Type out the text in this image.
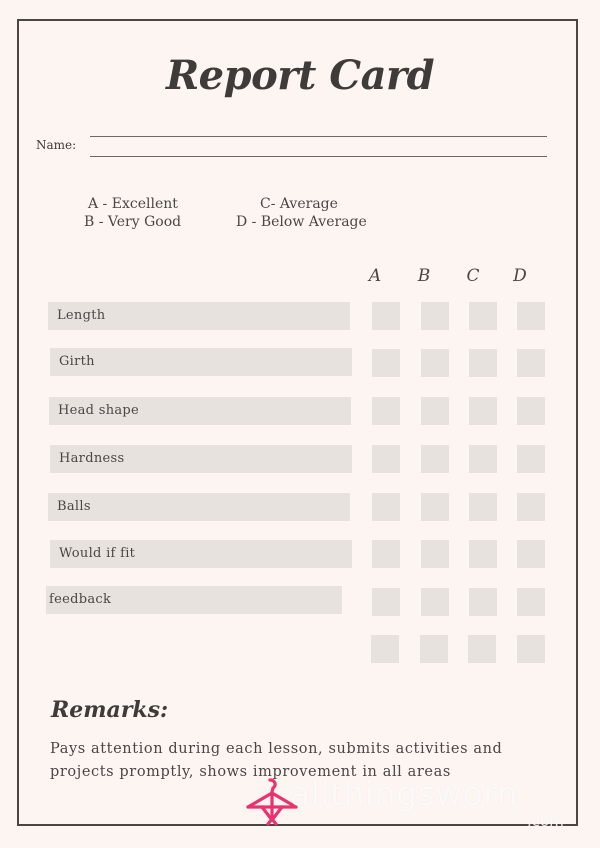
Report Card
Name:
A - Excellent
B - Very Good
C- Average
D - Below Average
A B C D
Length
Girth
Head shape
Hardness
Balls
Would if fit
feedback
Remarks:
Pays attention during each lesson, submits activities and projects promptly, shows improvement in all areas
allthingsworn
.com
